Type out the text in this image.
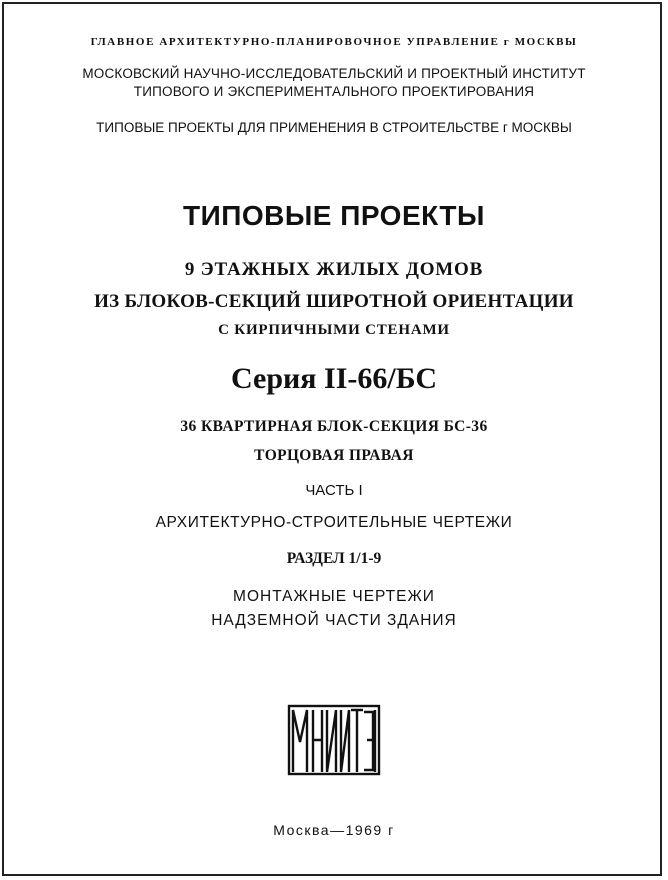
ГЛАВНОЕ АРХИТЕКТУРНО-ПЛАНИРОВОЧНОЕ УПРАВЛЕНИЕ г МОСКВЫ

МОСКОВСКИЙ НАУЧНО-ИССЛЕДОВАТЕЛЬСКИЙ И ПРОЕКТНЫЙ ИНСТИТУТ

ТИПОВОГО И ЭКСПЕРИМЕНТАЛЬНОГО ПРОЕКТИРОВАНИЯ

ТИПОВЫЕ ПРОЕКТЫ ДЛЯ ПРИМЕНЕНИЯ В СТРОИТЕЛЬСТВЕ г МОСКВЫ

ТИПОВЫЕ ПРОЕКТЫ

9 ЭТАЖНЫХ ЖИЛЫХ ДОМОВ

ИЗ БЛОКОВ-СЕКЦИЙ ШИРОТНОЙ ОРИЕНТАЦИИ

С КИРПИЧНЫМИ СТЕНАМИ

Серия II-66/БС

36 КВАРТИРНАЯ БЛОК-СЕКЦИЯ БС-36

ТОРЦОВАЯ ПРАВАЯ

ЧАСТЬ I

АРХИТЕКТУРНО-СТРОИТЕЛЬНЫЕ ЧЕРТЕЖИ

РАЗДЕЛ 1/1-9

МОНТАЖНЫЕ ЧЕРТЕЖИ

НАДЗЕМНОЙ ЧАСТИ ЗДАНИЯ

Москва—1969 г
